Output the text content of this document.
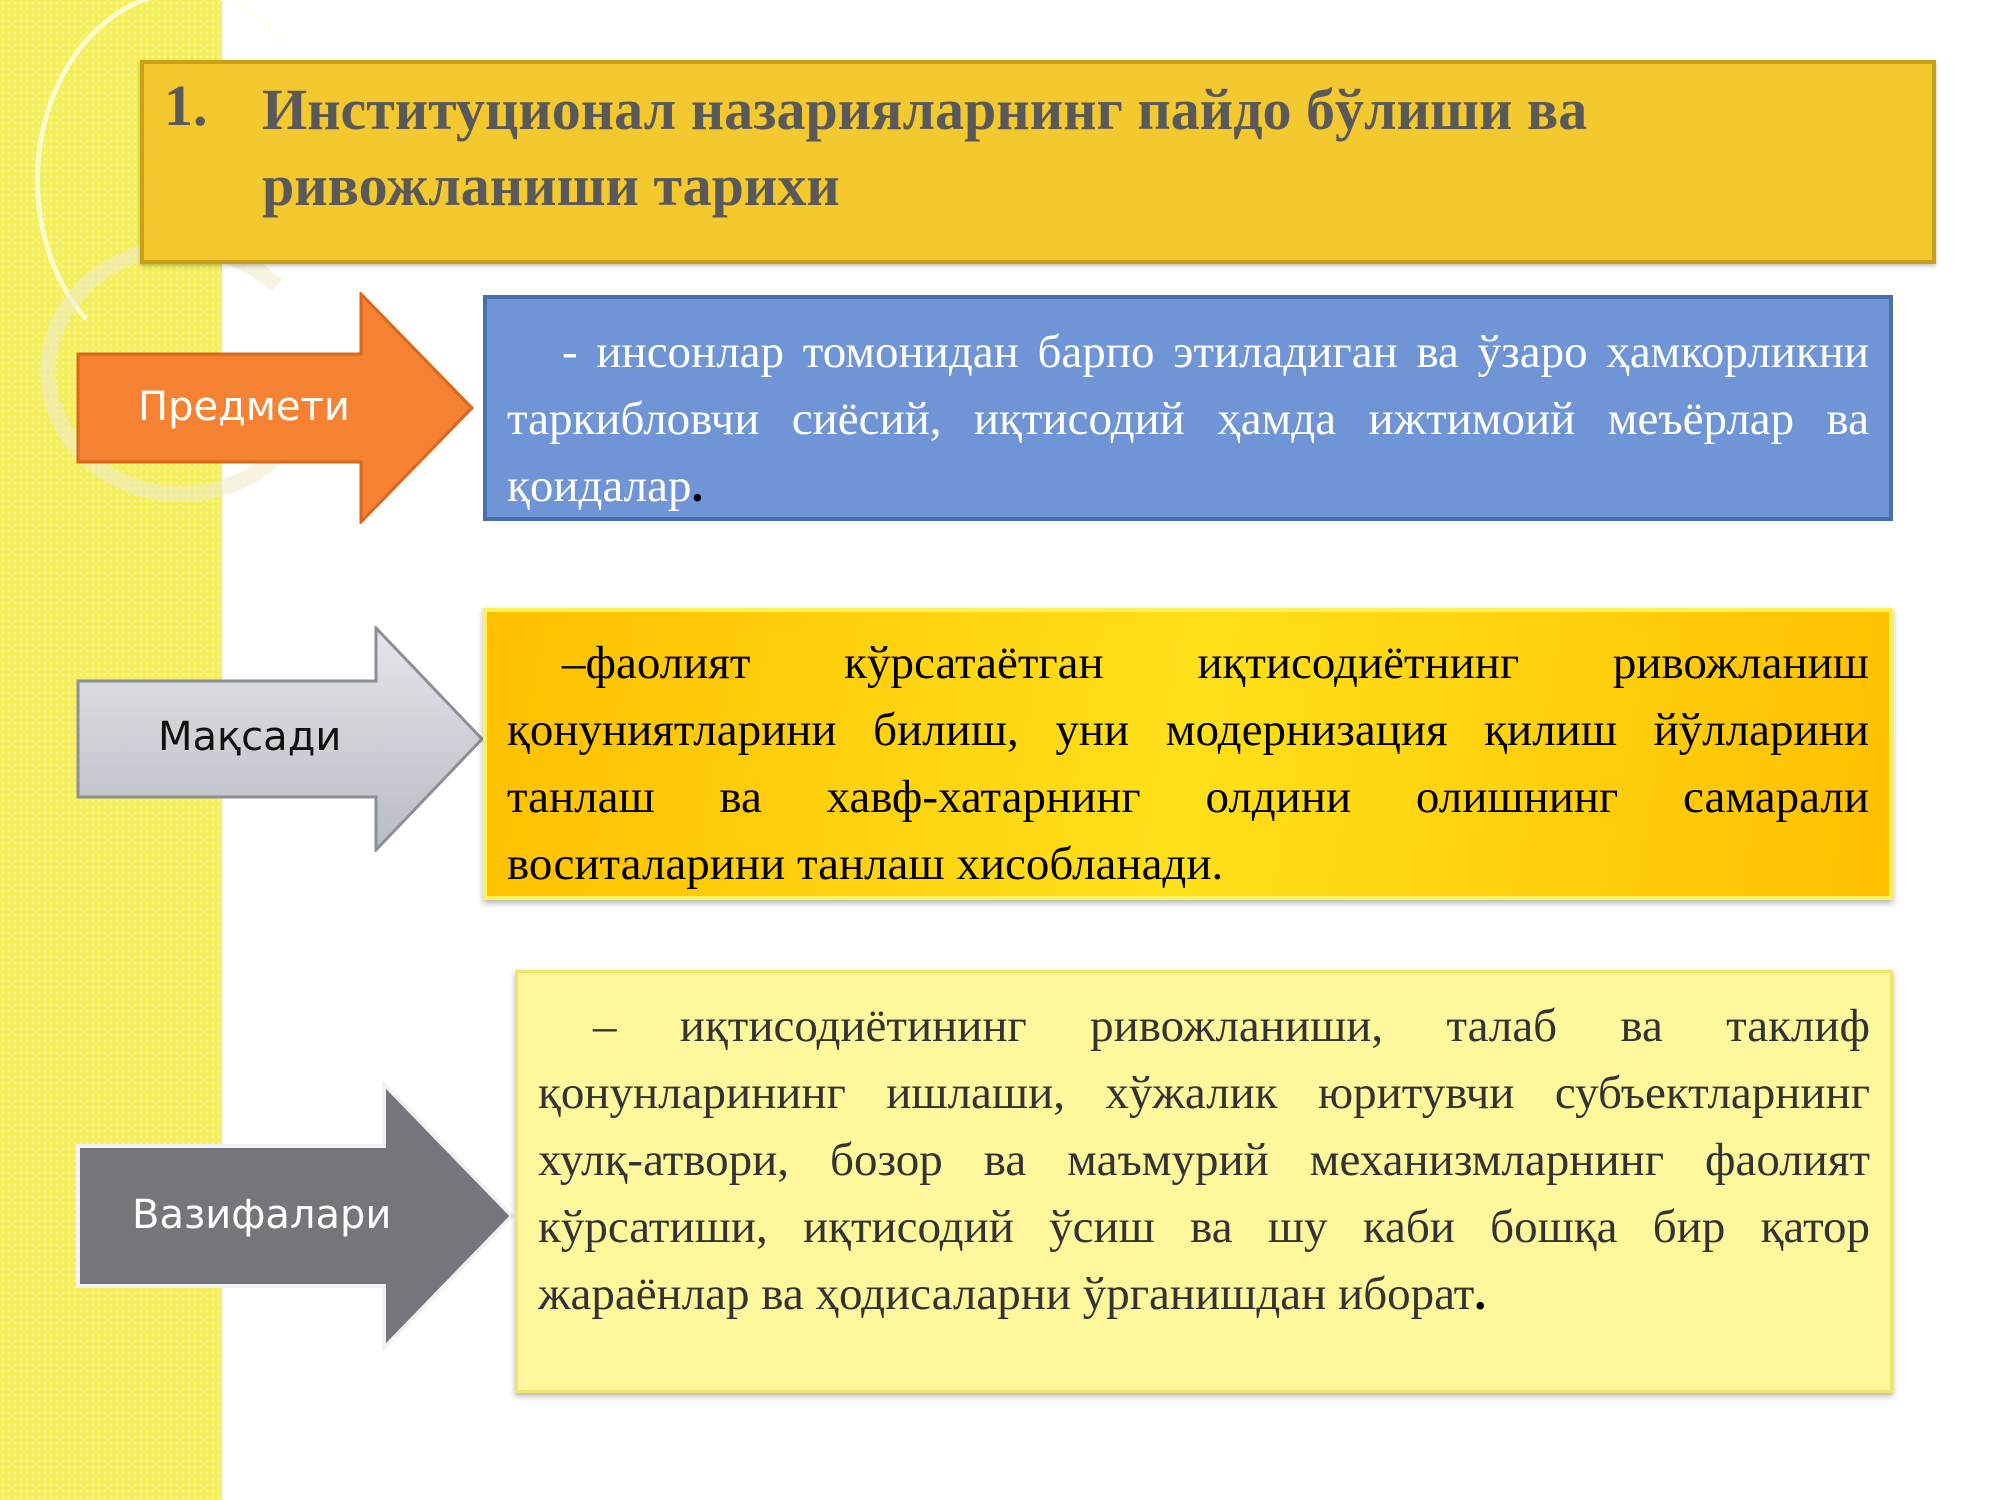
1. Институционал назарияларнинг пайдо бўлиши ва ривожланиши тарихи
Предмети

- инсонлар томонидан барпо этиладиган ва ўзаро ҳамкорликни таркибловчи сиёсий, иқтисодий ҳамда ижтимоий меъёрлар ва қоидалар.

Мақсади

–фаолият кўрсатаётган иқтисодиётнинг ривожланиш қонуниятларини билиш, уни модернизация қилиш йўлларини танлаш ва хавф-хатарнинг олдини олишнинг самарали воситаларини танлаш хисобланади.

Вазифалари

– иқтисодиётининг ривожланиши, талаб ва таклиф қонунларининг ишлаши, хўжалик юритувчи субъектларнинг хулқ-атвори, бозор ва маъмурий механизмларнинг фаолият кўрсатиши, иқтисодий ўсиш ва шу каби бошқа бир қатор жараёнлар ва ҳодисаларни ўрганишдан иборат.
